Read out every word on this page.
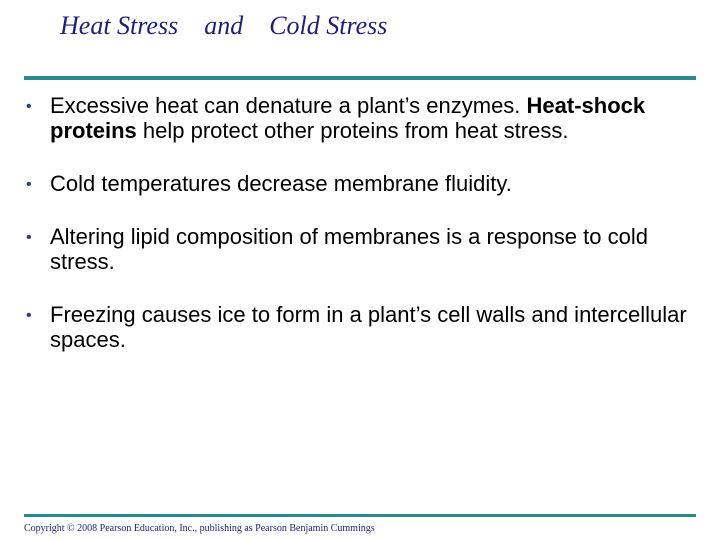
Heat Stress    and    Cold Stress
• Excessive heat can denature a plant’s enzymes. Heat-shock proteins help protect other proteins from heat stress.
• Cold temperatures decrease membrane fluidity.
• Altering lipid composition of membranes is a response to cold stress.
• Freezing causes ice to form in a plant’s cell walls and intercellular spaces.
Copyright © 2008 Pearson Education, Inc., publishing as Pearson Benjamin Cummings
